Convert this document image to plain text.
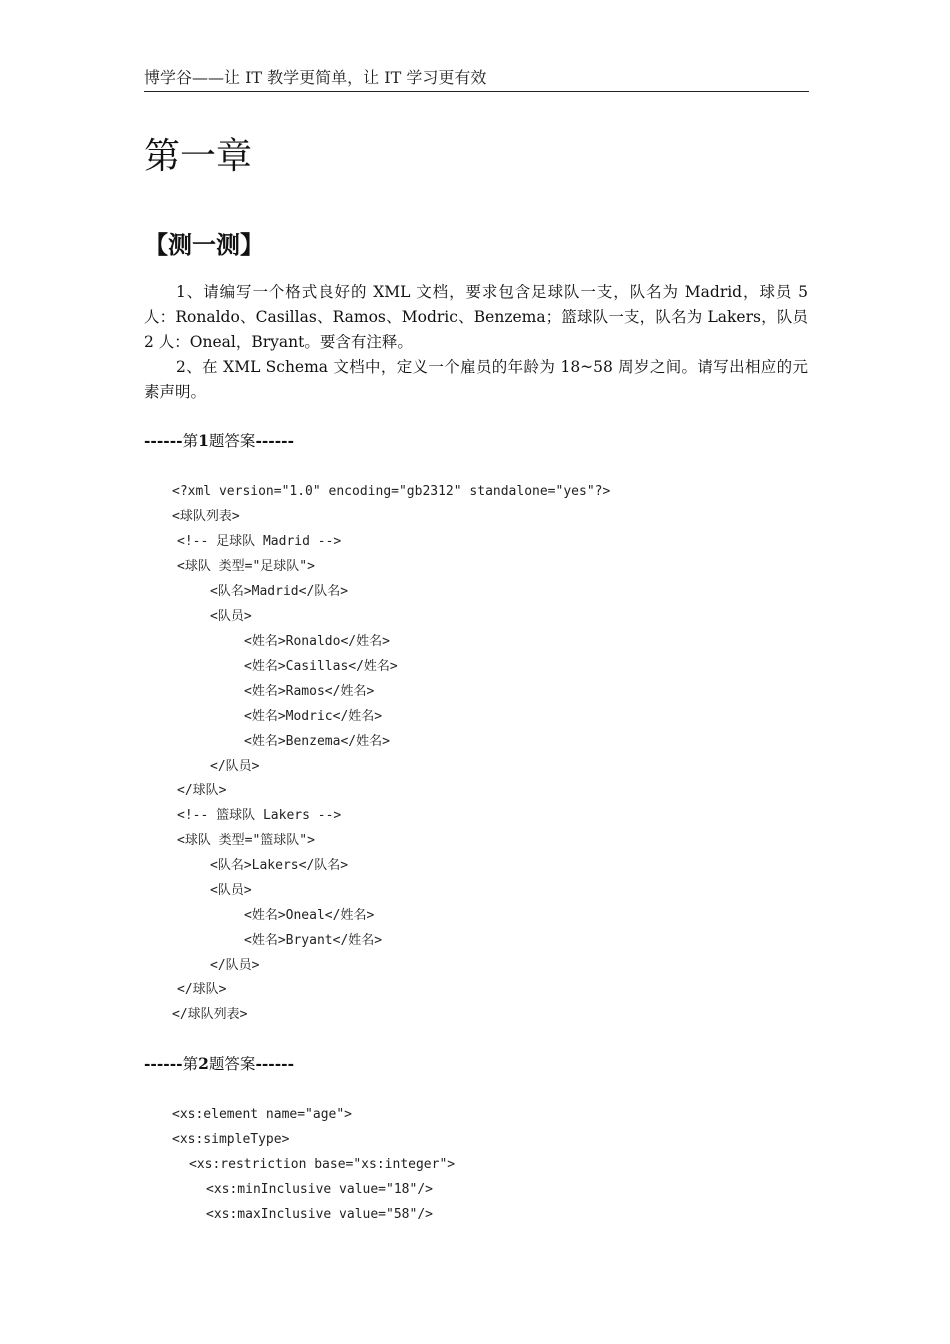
博学谷——让 IT 教学更简单，让 IT 学习更有效
第一章
【测一测】

1、请编写一个格式良好的 XML 文档，要求包含足球队一支，队名为 Madrid，球员 5 人：Ronaldo、Casillas、Ramos、Modric、Benzema；篮球队一支，队名为 Lakers，队员 2 人：Oneal，Bryant。要含有注释。

2、在 XML Schema 文档中，定义一个雇员的年龄为 18~58 周岁之间。请写出相应的元素声明。

------第1题答案------
<?xml version="1.0" encoding="gb2312" standalone="yes"?>
<球队列表>
<!-- 足球队 Madrid -->
<球队 类型="足球队">
<队名>Madrid</队名>
<队员>
<姓名>Ronaldo</姓名>
<姓名>Casillas</姓名>
<姓名>Ramos</姓名>
<姓名>Modric</姓名>
<姓名>Benzema</姓名>
</队员>
</球队>
<!-- 篮球队 Lakers -->
<球队 类型="篮球队">
<队名>Lakers</队名>
<队员>
<姓名>Oneal</姓名>
<姓名>Bryant</姓名>
</队员>
</球队>
</球队列表>
------第2题答案------
<xs:element name="age">
<xs:simpleType>
<xs:restriction base="xs:integer">
<xs:minInclusive value="18"/>
<xs:maxInclusive value="58"/>
